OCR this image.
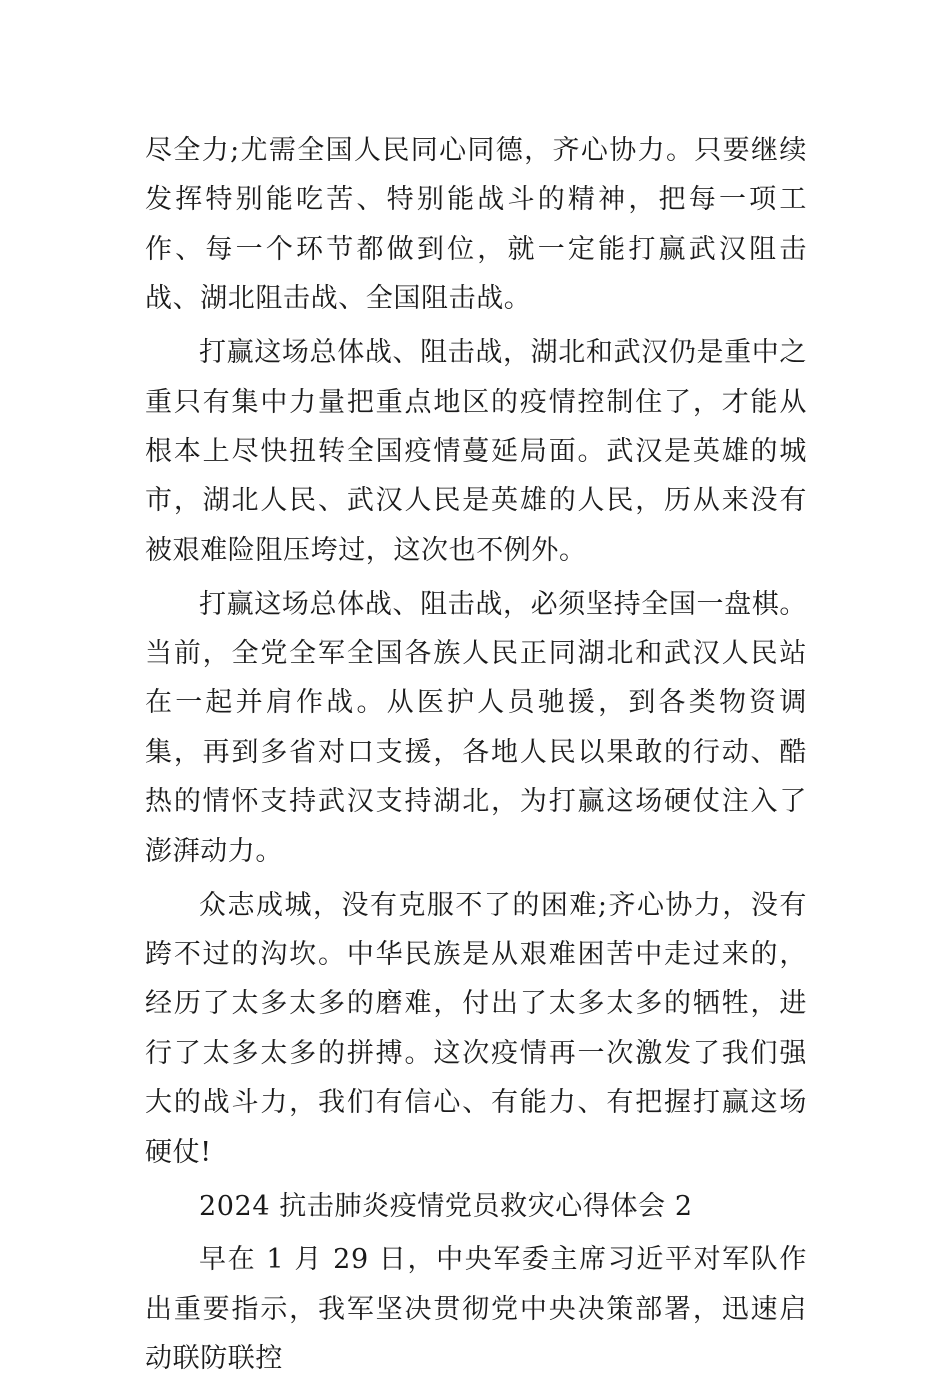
尽全力;尤需全国人民同心同德，齐心协力。只要继续发挥特别能吃苦、特别能战斗的精神，把每一项工作、每一个环节都做到位，就一定能打赢武汉阻击战、湖北阻击战、全国阻击战。

打赢这场总体战、阻击战，湖北和武汉仍是重中之重只有集中力量把重点地区的疫情控制住了，才能从根本上尽快扭转全国疫情蔓延局面。武汉是英雄的城市，湖北人民、武汉人民是英雄的人民，历从来没有被艰难险阻压垮过，这次也不例外。

打赢这场总体战、阻击战，必须坚持全国一盘棋。当前，全党全军全国各族人民正同湖北和武汉人民站在一起并肩作战。从医护人员驰援，到各类物资调集，再到多省对口支援，各地人民以果敢的行动、酷热的情怀支持武汉支持湖北，为打赢这场硬仗注入了澎湃动力。

众志成城，没有克服不了的困难;齐心协力，没有跨不过的沟坎。中华民族是从艰难困苦中走过来的，经历了太多太多的磨难，付出了太多太多的牺牲，进行了太多太多的拼搏。这次疫情再一次激发了我们强大的战斗力，我们有信心、有能力、有把握打赢这场硬仗!

2024 抗击肺炎疫情党员救灾心得体会 2

早在 1 月 29 日，中央军委主席习近平对军队作出重要指示，我军坚决贯彻党中央决策部署，迅速启动联防联控
